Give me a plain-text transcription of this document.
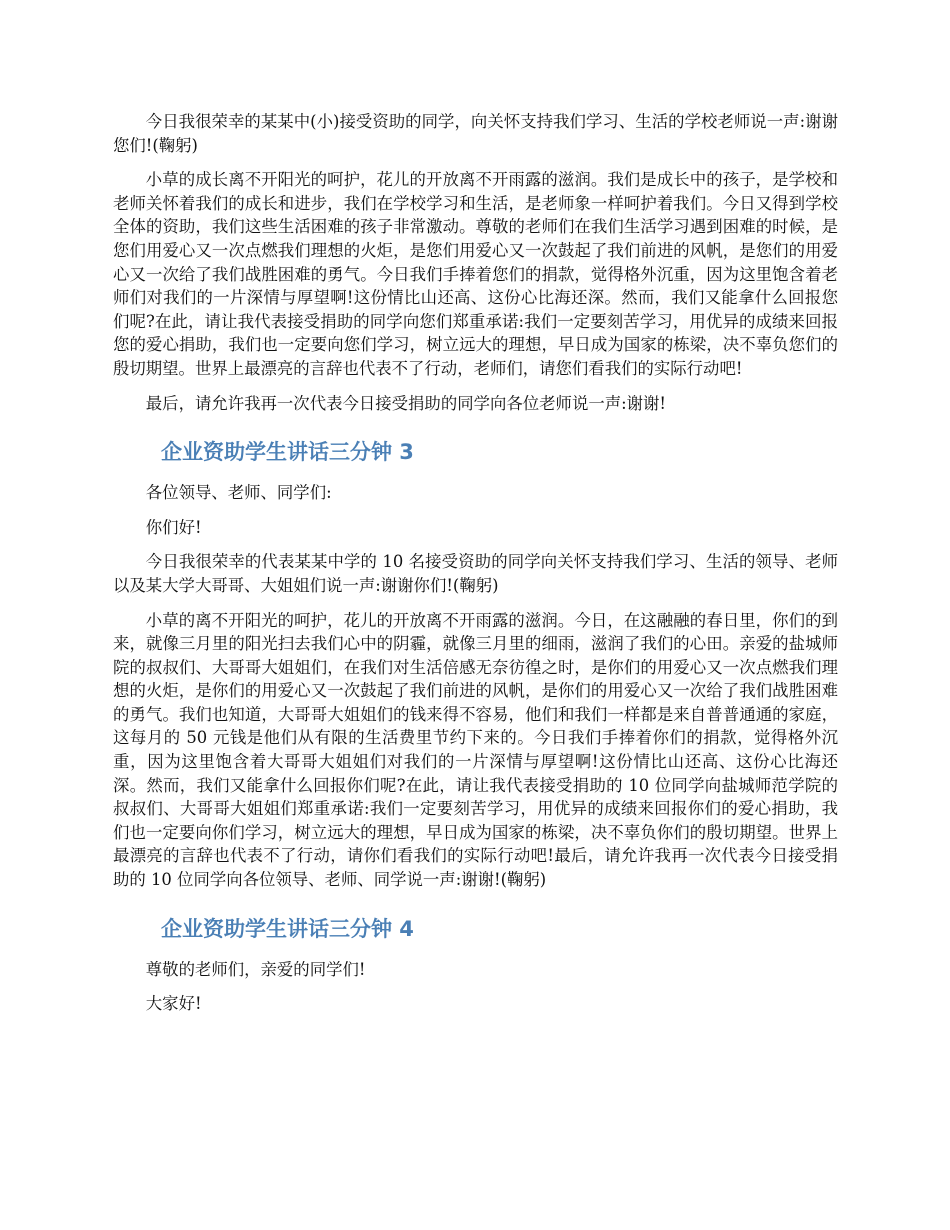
今日我很荣幸的某某中(小)接受资助的同学，向关怀支持我们学习、生活的学校老师说一声:谢谢您们!(鞠躬)

小草的成长离不开阳光的呵护，花儿的开放离不开雨露的滋润。我们是成长中的孩子，是学校和老师关怀着我们的成长和进步，我们在学校学习和生活，是老师象一样呵护着我们。今日又得到学校全体的资助，我们这些生活困难的孩子非常激动。尊敬的老师们在我们生活学习遇到困难的时候，是您们用爱心又一次点燃我们理想的火炬，是您们用爱心又一次鼓起了我们前进的风帆，是您们的用爱心又一次给了我们战胜困难的勇气。今日我们手捧着您们的捐款，觉得格外沉重，因为这里饱含着老师们对我们的一片深情与厚望啊!这份情比山还高、这份心比海还深。然而，我们又能拿什么回报您们呢?在此，请让我代表接受捐助的同学向您们郑重承诺:我们一定要刻苦学习，用优异的成绩来回报您的爱心捐助，我们也一定要向您们学习，树立远大的理想，早日成为国家的栋梁，决不辜负您们的殷切期望。世界上最漂亮的言辞也代表不了行动，老师们，请您们看我们的实际行动吧!

最后，请允许我再一次代表今日接受捐助的同学向各位老师说一声:谢谢!

企业资助学生讲话三分钟 3

各位领导、老师、同学们:

你们好!

今日我很荣幸的代表某某中学的 10 名接受资助的同学向关怀支持我们学习、生活的领导、老师以及某大学大哥哥、大姐姐们说一声:谢谢你们!(鞠躬)

小草的离不开阳光的呵护，花儿的开放离不开雨露的滋润。今日，在这融融的春日里，你们的到来，就像三月里的阳光扫去我们心中的阴霾，就像三月里的细雨，滋润了我们的心田。亲爱的盐城师院的叔叔们、大哥哥大姐姐们，在我们对生活倍感无奈彷徨之时，是你们的用爱心又一次点燃我们理想的火炬，是你们的用爱心又一次鼓起了我们前进的风帆，是你们的用爱心又一次给了我们战胜困难的勇气。我们也知道，大哥哥大姐姐们的钱来得不容易，他们和我们一样都是来自普普通通的家庭，这每月的 50 元钱是他们从有限的生活费里节约下来的。今日我们手捧着你们的捐款，觉得格外沉重，因为这里饱含着大哥哥大姐姐们对我们的一片深情与厚望啊!这份情比山还高、这份心比海还深。然而，我们又能拿什么回报你们呢?在此，请让我代表接受捐助的 10 位同学向盐城师范学院的叔叔们、大哥哥大姐姐们郑重承诺:我们一定要刻苦学习，用优异的成绩来回报你们的爱心捐助，我们也一定要向你们学习，树立远大的理想，早日成为国家的栋梁，决不辜负你们的殷切期望。世界上最漂亮的言辞也代表不了行动，请你们看我们的实际行动吧!最后，请允许我再一次代表今日接受捐助的 10 位同学向各位领导、老师、同学说一声:谢谢!(鞠躬)

企业资助学生讲话三分钟 4

尊敬的老师们，亲爱的同学们!

大家好!
